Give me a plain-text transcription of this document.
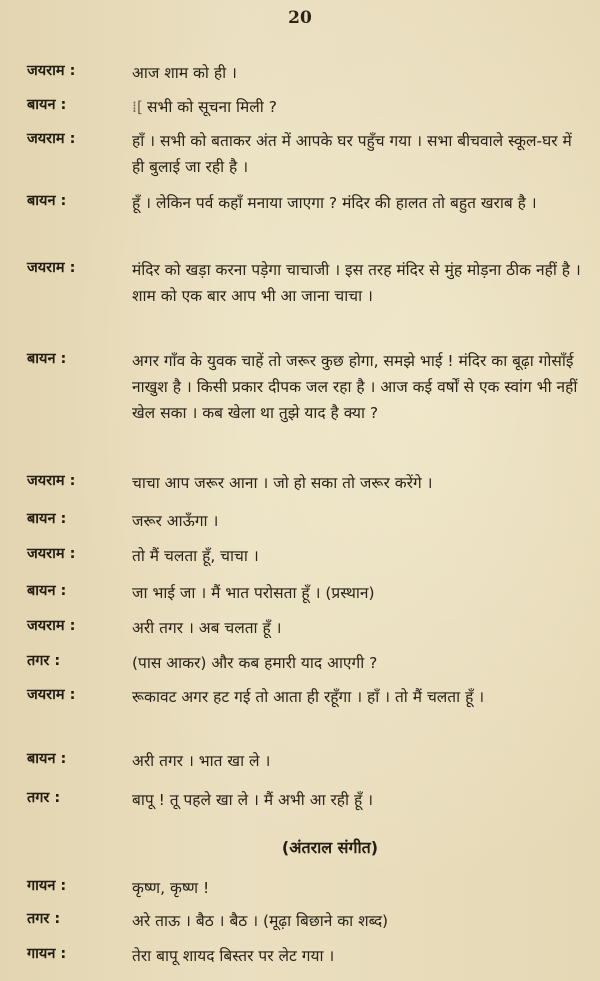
20
जयराम :	आज शाम को ही ।
बायन :	⁞[ सभी को सूचना मिली ?
जयराम :	हाँ । सभी को बताकर अंत में आपके घर पहुँच गया । सभा बीचवाले स्कूल-घर में ही बुलाई जा रही है ।
बायन :	हूँ । लेकिन पर्व कहाँ मनाया जाएगा ? मंदिर की हालत तो बहुत खराब है ।
जयराम :	मंदिर को खड़ा करना पड़ेगा चाचाजी । इस तरह मंदिर से मुंह मोड़ना ठीक नहीं है । शाम को एक बार आप भी आ जाना चाचा ।
बायन :	अगर गाँव के युवक चाहें तो जरूर कुछ होगा, समझे भाई ! मंदिर का बूढ़ा गोसाँई नाखुश है । किसी प्रकार दीपक जल रहा है । आज कई वर्षों से एक स्वांग भी नहीं खेल सका । कब खेला था तुझे याद है क्या ?
जयराम :	चाचा आप जरूर आना । जो हो सका तो जरूर करेंगे ।
बायन :	जरूर आऊँगा ।
जयराम :	तो मैं चलता हूँ, चाचा ।
बायन :	जा भाई जा । मैं भात परोसता हूँ । (प्रस्थान)
जयराम :	अरी तगर । अब चलता हूँ ।
तगर :	(पास आकर) और कब हमारी याद आएगी ?
जयराम :	रूकावट अगर हट गई तो आता ही रहूँगा । हाँ । तो मैं चलता हूँ ।
बायन :	अरी तगर । भात खा ले ।
तगर :	बापू ! तू पहले खा ले । मैं अभी आ रही हूँ ।
(अंतराल संगीत)
गायन :	कृष्ण, कृष्ण !
तगर :	अरे ताऊ । बैठ । बैठ । (मूढ़ा बिछाने का शब्द)
गायन :	तेरा बापू शायद बिस्तर पर लेट गया ।
